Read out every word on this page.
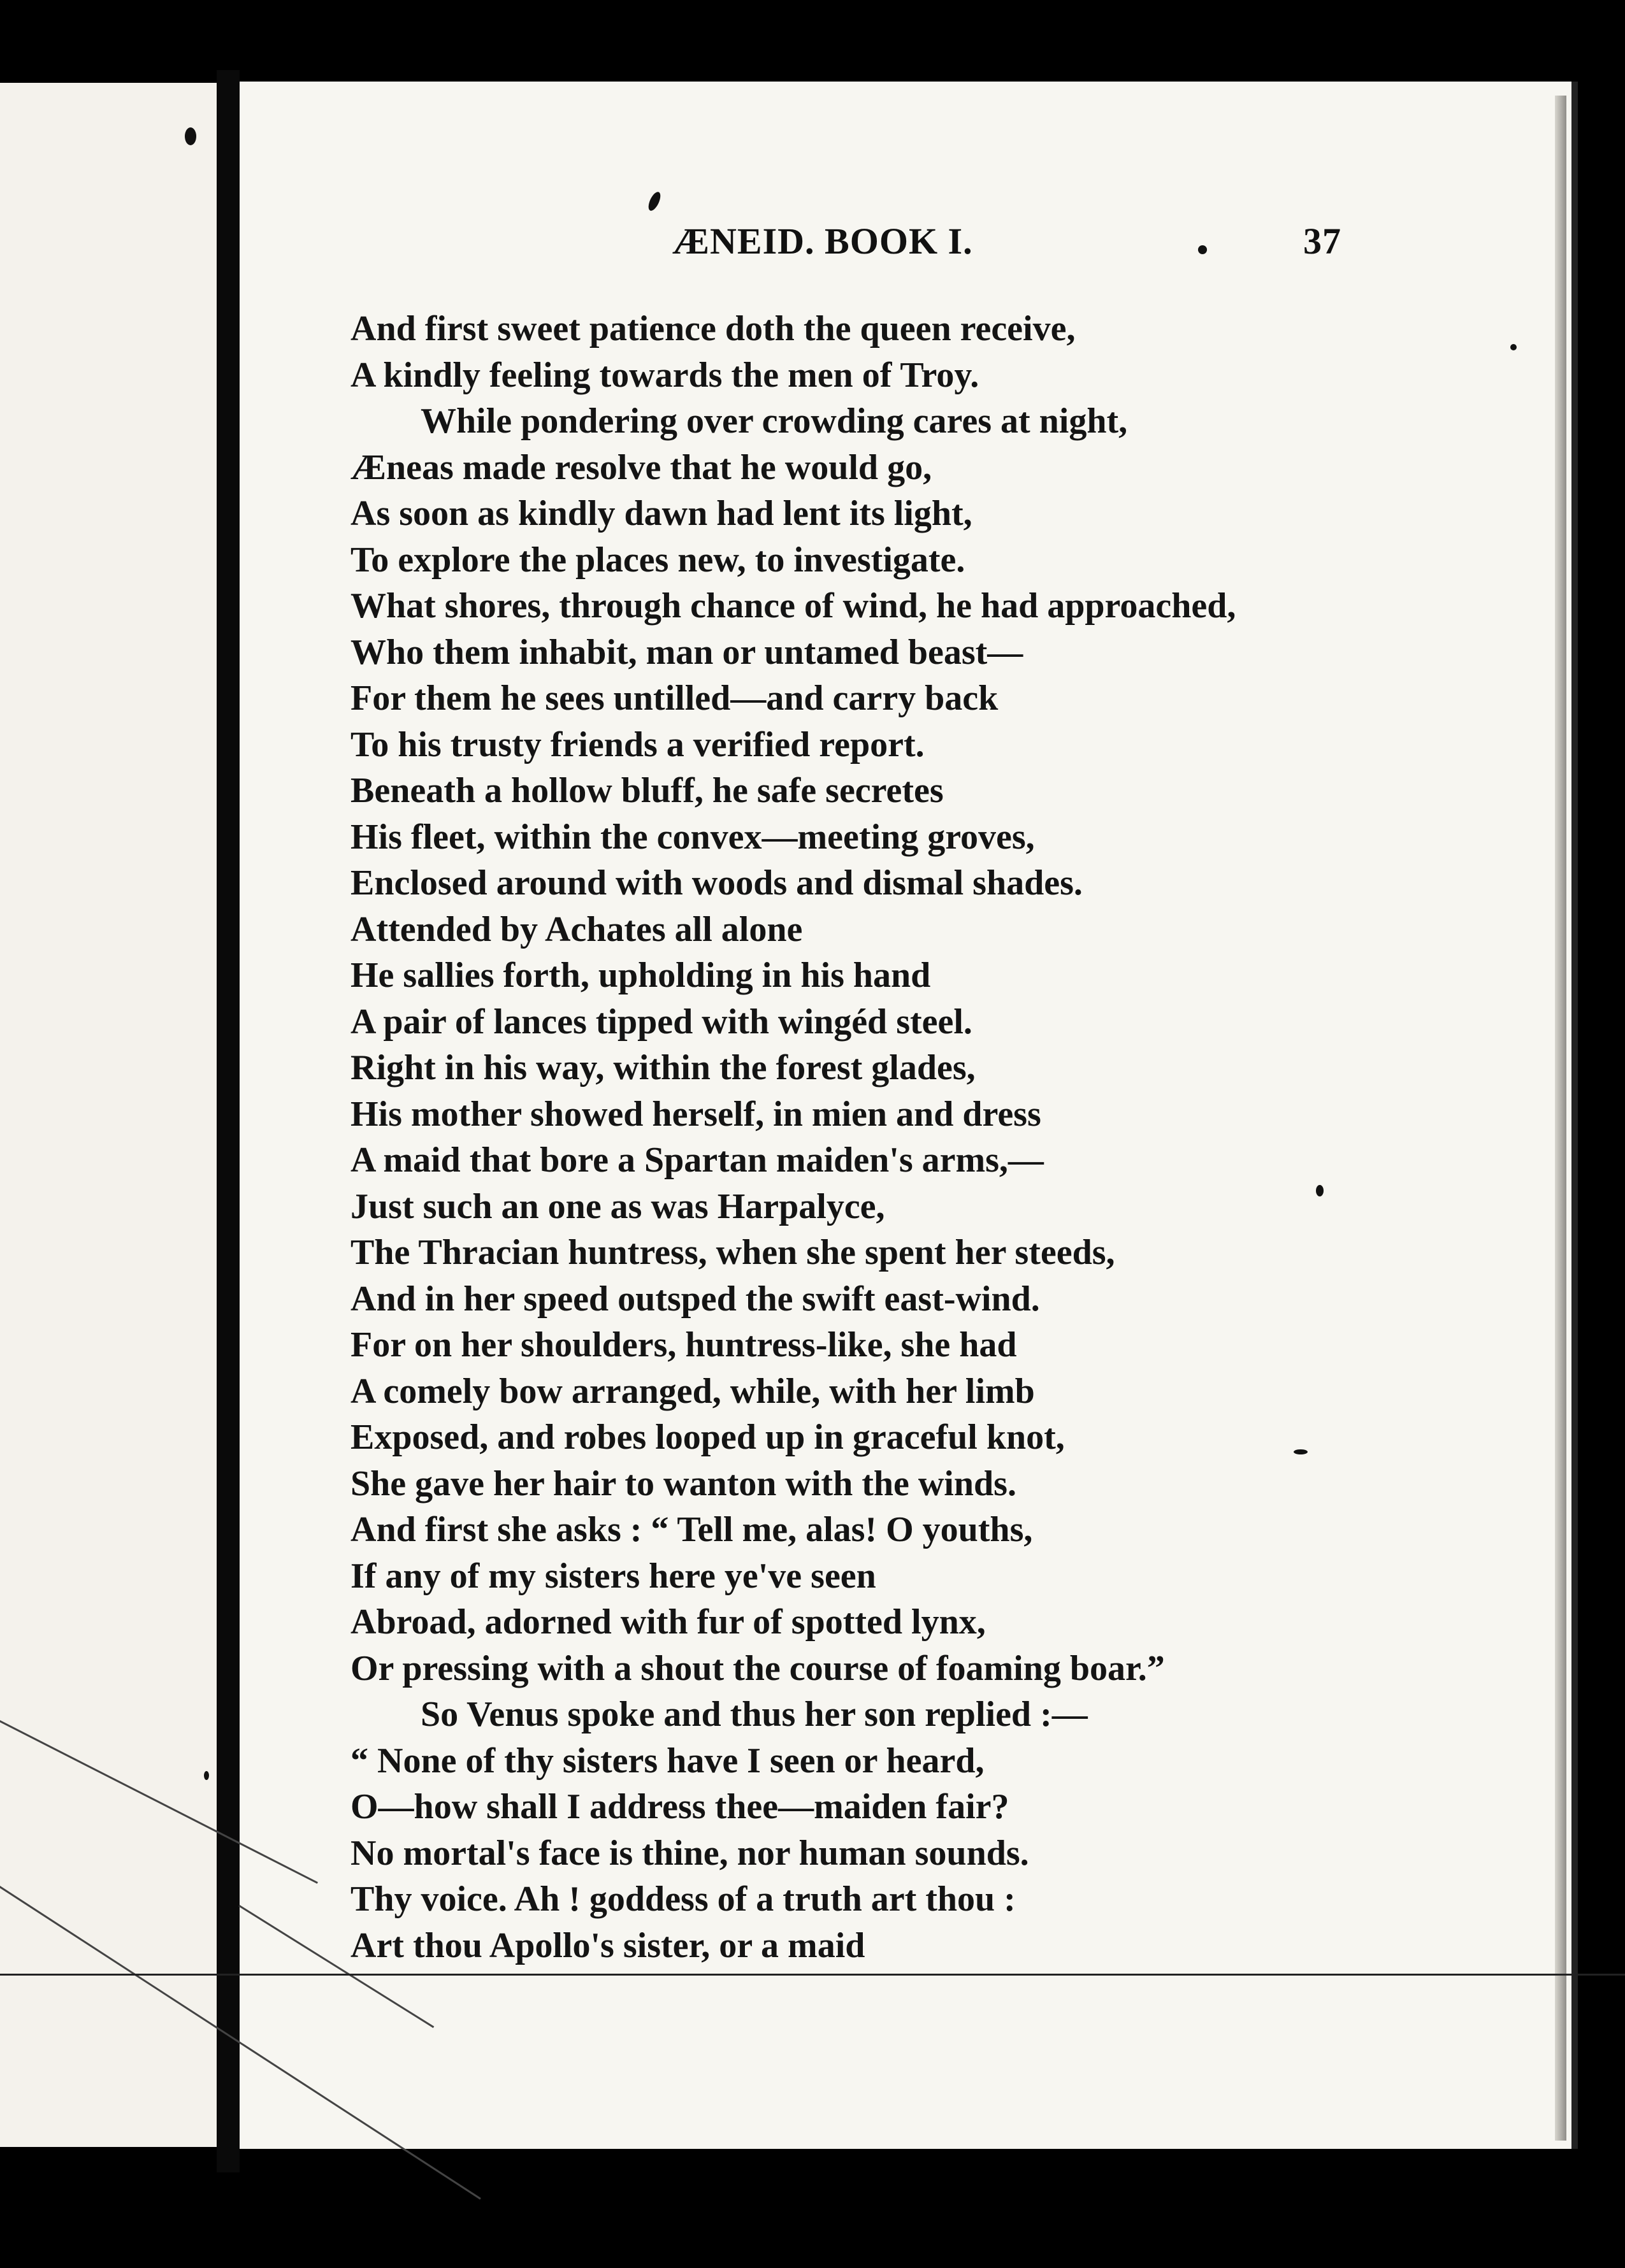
ÆNEID. BOOK I.	37
And first sweet patience doth the queen receive,
A kindly feeling towards the men of Troy.
While pondering over crowding cares at night,
Æneas made resolve that he would go,
As soon as kindly dawn had lent its light,
To explore the places new, to investigate.
What shores, through chance of wind, he had approached,
Who them inhabit, man or untamed beast—
For them he sees untilled—and carry back
To his trusty friends a verified report.
Beneath a hollow bluff, he safe secretes
His fleet, within the convex—meeting groves,
Enclosed around with woods and dismal shades.
Attended by Achates all alone
He sallies forth, upholding in his hand
A pair of lances tipped with wingéd steel.
Right in his way, within the forest glades,
His mother showed herself, in mien and dress
A maid that bore a Spartan maiden's arms,—
Just such an one as was Harpalyce,
The Thracian huntress, when she spent her steeds,
And in her speed outsped the swift east-wind.
For on her shoulders, huntress-like, she had
A comely bow arranged, while, with her limb
Exposed, and robes looped up in graceful knot,
She gave her hair to wanton with the winds.
And first she asks : “ Tell me, alas! O youths,
If any of my sisters here ye've seen
Abroad, adorned with fur of spotted lynx,
Or pressing with a shout the course of foaming boar.”
So Venus spoke and thus her son replied :—
“ None of thy sisters have I seen or heard,
O—how shall I address thee—maiden fair?
No mortal's face is thine, nor human sounds.
Thy voice. Ah ! goddess of a truth art thou :
Art thou Apollo's sister, or a maid
